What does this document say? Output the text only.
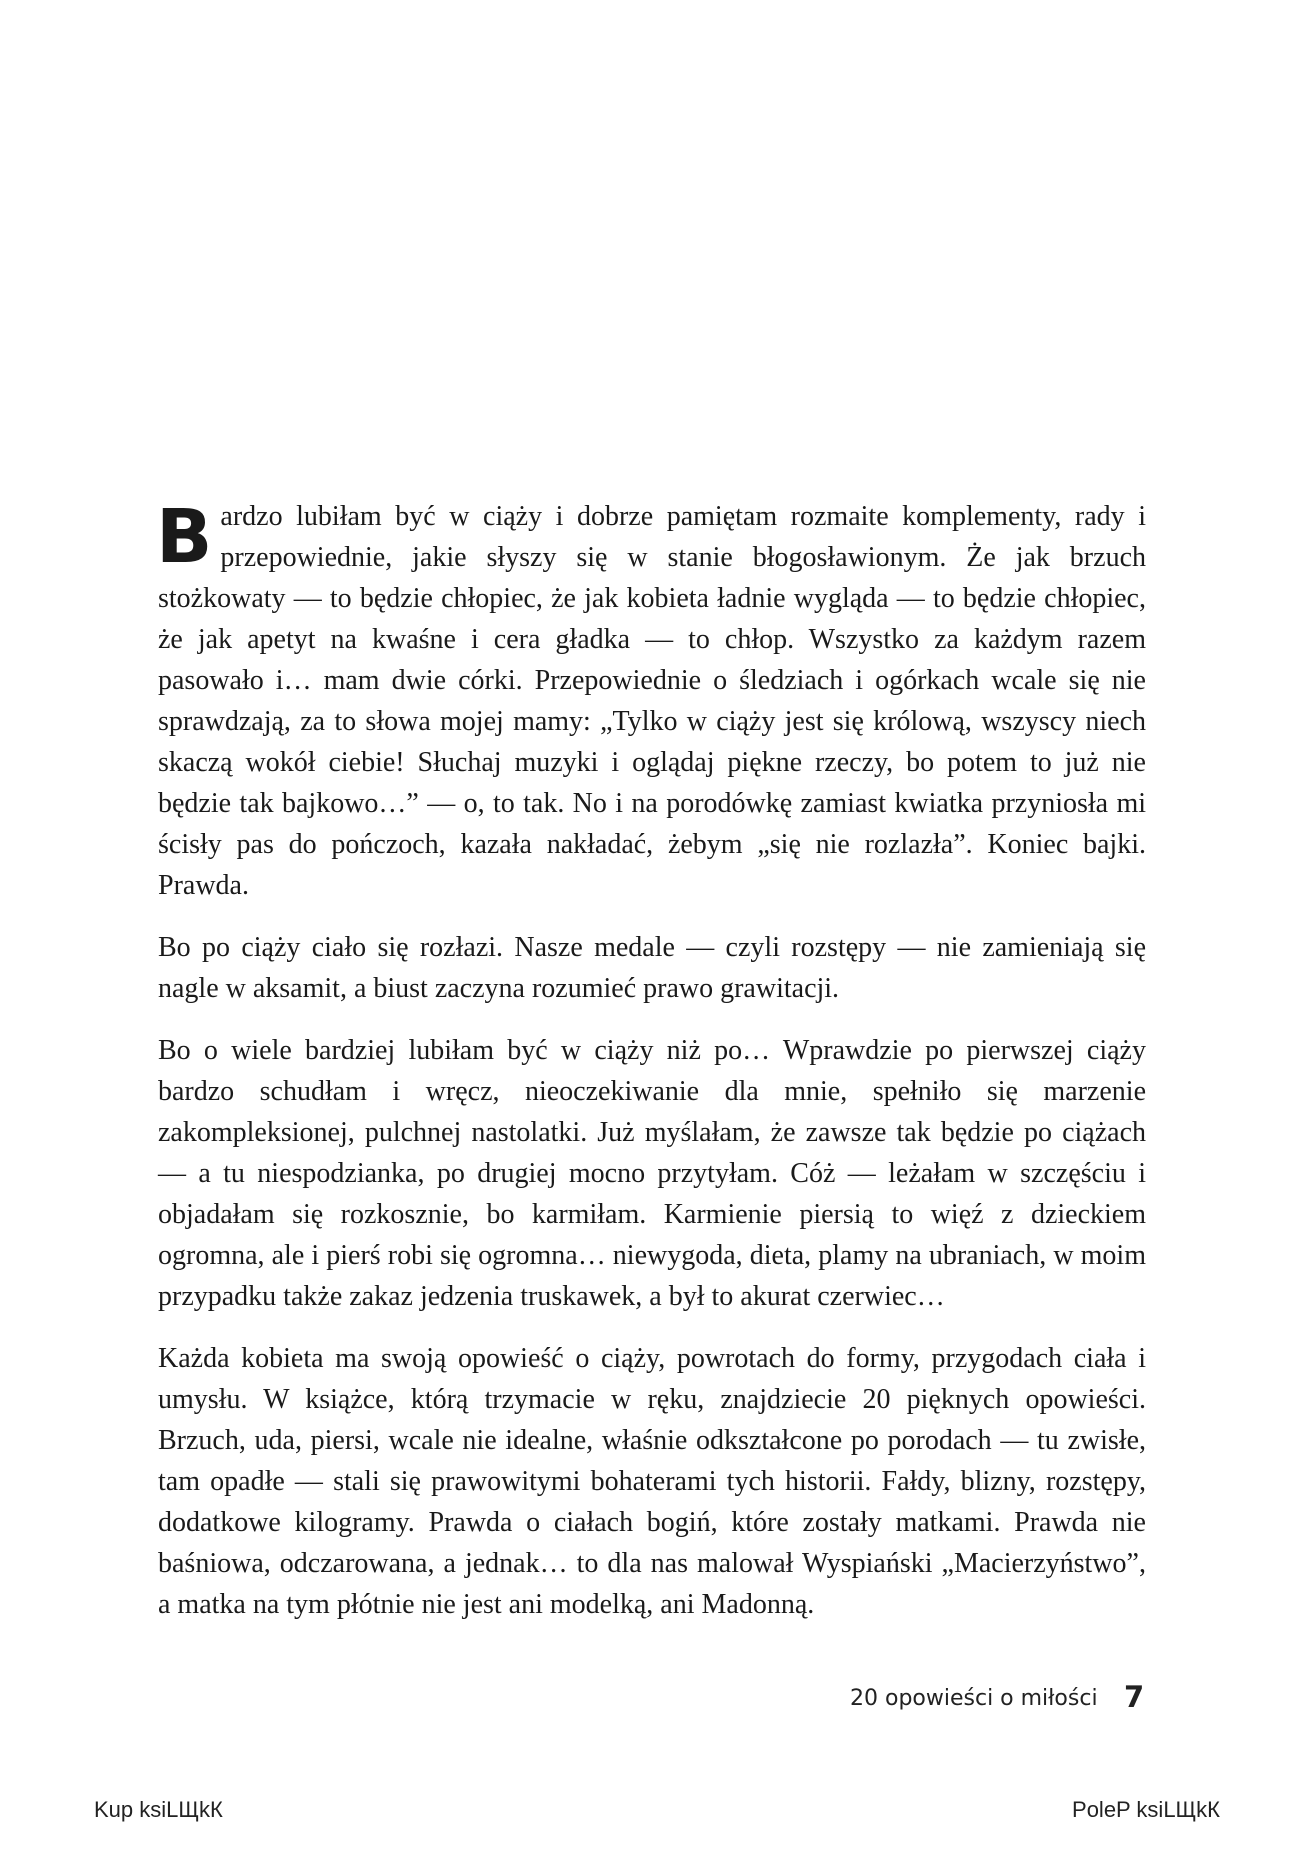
Bardzo lubiłam być w ciąży i dobrze pamiętam rozmaite komplementy, rady i przepowiednie, jakie słyszy się w stanie błogosławionym. Że jak brzuch stożkowaty — to będzie chłopiec, że jak kobieta ładnie wygląda — to będzie chłopiec, że jak apetyt na kwaśne i cera gładka — to chłop. Wszystko za każdym razem pasowało i… mam dwie córki. Przepowiednie o śledziach i ogórkach wcale się nie sprawdzają, za to słowa mojej mamy: „Tylko w ciąży jest się królową, wszyscy niech skaczą wokół ciebie! Słuchaj muzyki i oglądaj piękne rzeczy, bo potem to już nie będzie tak bajkowo…” — o, to tak. No i na porodówkę zamiast kwiatka przyniosła mi ścisły pas do pończoch, kazała nakładać, żebym „się nie rozlazła”. Koniec bajki. Prawda.

Bo po ciąży ciało się rozłazi. Nasze medale — czyli rozstępy — nie zamieniają się nagle w aksamit, a biust zaczyna rozumieć prawo grawitacji.

Bo o wiele bardziej lubiłam być w ciąży niż po… Wprawdzie po pierwszej ciąży bardzo schudłam i wręcz, nieoczekiwanie dla mnie, spełniło się marzenie zakompleksionej, pulchnej nastolatki. Już myślałam, że zawsze tak będzie po ciążach — a tu niespodzianka, po drugiej mocno przytyłam. Cóż — leżałam w szczęściu i objadałam się rozkosznie, bo karmiłam. Karmienie piersią to więź z dzieckiem ogromna, ale i pierś robi się ogromna… niewygoda, dieta, plamy na ubraniach, w moim przypadku także zakaz jedzenia truskawek, a był to akurat czerwiec…

Każda kobieta ma swoją opowieść o ciąży, powrotach do formy, przygodach ciała i umysłu. W książce, którą trzymacie w ręku, znajdziecie 20 pięknych opowieści. Brzuch, uda, piersi, wcale nie idealne, właśnie odkształcone po porodach — tu zwisłe, tam opadłe — stali się prawowitymi bohaterami tych historii. Fałdy, blizny, rozstępy, dodatkowe kilogramy. Prawda o ciałach bogiń, które zostały matkami. Prawda nie baśniowa, odczarowana, a jednak… to dla nas malował Wyspiański „Macierzyństwo”, a matka na tym płótnie nie jest ani modelką, ani Madonną.

20 opowieści o miłości 7
Kup ksiLЩkК	PoleP ksiLЩkК
